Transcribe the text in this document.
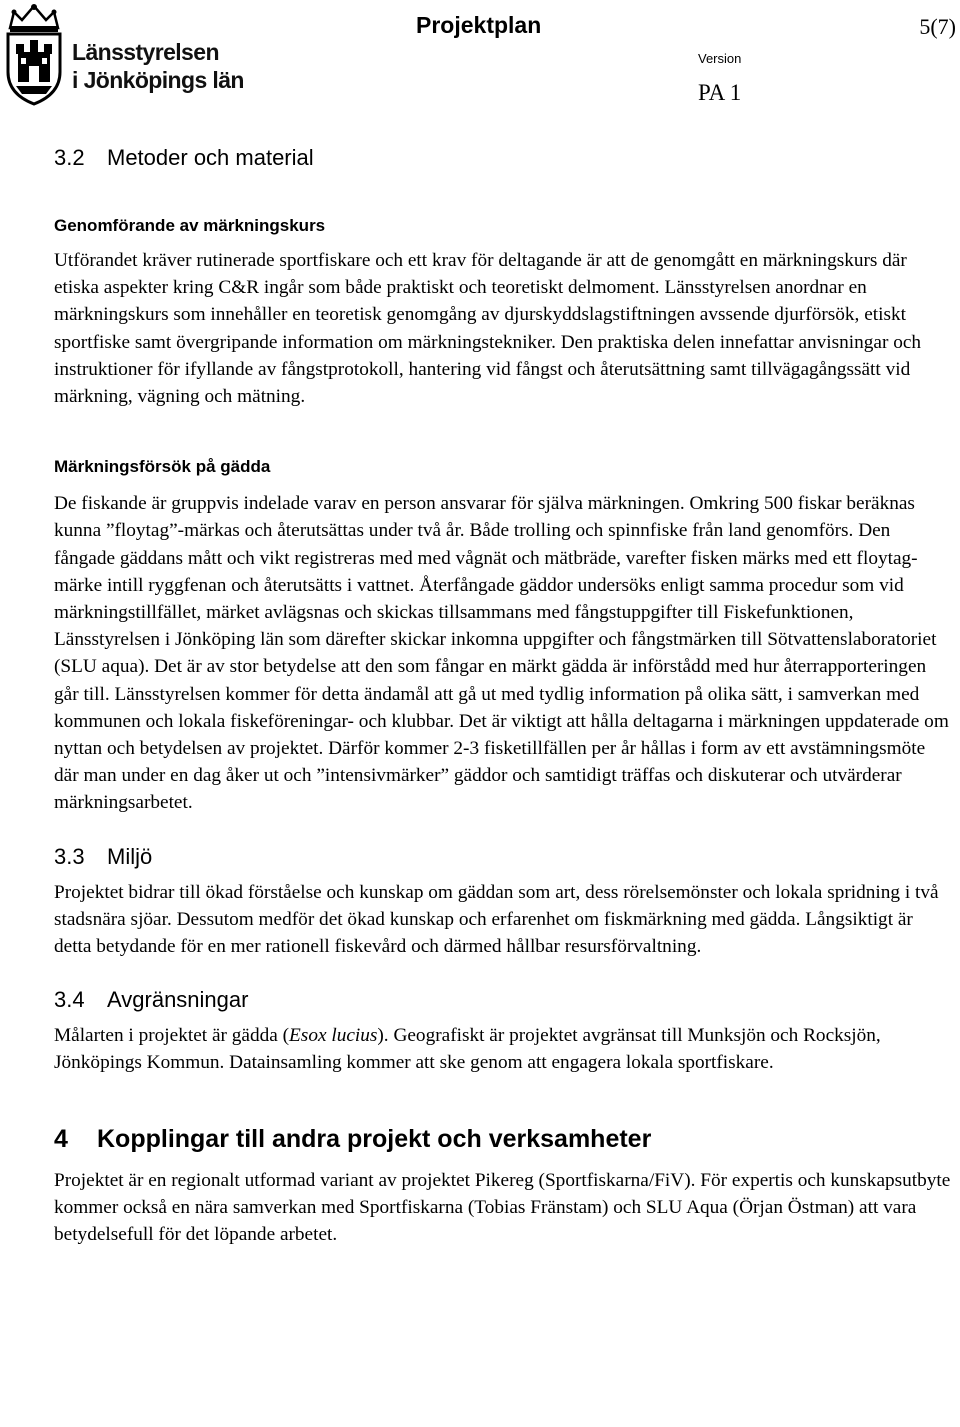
Länsstyrelsen
i Jönköpings län
Projektplan	5(7)
Version
PA 1
3.2 Metoder och material
Genomförande av märkningskurs

Utförandet kräver rutinerade sportfiskare och ett krav för deltagande är att de genomgått en märkningskurs där etiska aspekter kring C&R ingår som både praktiskt och teoretiskt delmoment. Länsstyrelsen anordnar en märkningskurs som innehåller en teoretisk genomgång av djurskyddslagstiftningen avssende djurförsök, etiskt sportfiske samt övergripande information om märkningstekniker. Den praktiska delen innefattar anvisningar och instruktioner för ifyllande av fångstprotokoll, hantering vid fångst och återutsättning samt tillvägagångssätt vid märkning, vägning och mätning.

Märkningsförsök på gädda

De fiskande är gruppvis indelade varav en person ansvarar för själva märkningen. Omkring 500 fiskar beräknas kunna ”floytag”-märkas och återutsättas under två år. Både trolling och spinnfiske från land genomförs. Den fångade gäddans mått och vikt registreras med med vågnät och mätbräde, varefter fisken märks med ett floytag-märke intill ryggfenan och återutsätts i vattnet. Återfångade gäddor undersöks enligt samma procedur som vid märkningstillfället, märket avlägsnas och skickas tillsammans med fångstuppgifter till Fiskefunktionen, Länsstyrelsen i Jönköping län som därefter skickar inkomna uppgifter och fångstmärken till Sötvattenslaboratoriet (SLU aqua). Det är av stor betydelse att den som fångar en märkt gädda är införstådd med hur återrapporteringen går till. Länsstyrelsen kommer för detta ändamål att gå ut med tydlig information på olika sätt, i samverkan med kommunen och lokala fiskeföreningar- och klubbar. Det är viktigt att hålla deltagarna i märkningen uppdaterade om nyttan och betydelsen av projektet. Därför kommer 2-3 fisketillfällen per år hållas i form av ett avstämningsmöte där man under en dag åker ut och ”intensivmärker” gäddor och samtidigt träffas och diskuterar och utvärderar märkningsarbetet.

3.3 Miljö

Projektet bidrar till ökad förståelse och kunskap om gäddan som art, dess rörelsemönster och lokala spridning i två stadsnära sjöar. Dessutom medför det ökad kunskap och erfarenhet om fiskmärkning med gädda. Långsiktigt är detta betydande för en mer rationell fiskevård och därmed hållbar resursförvaltning.

3.4 Avgränsningar

Målarten i projektet är gädda (Esox lucius). Geografiskt är projektet avgränsat till Munksjön och Rocksjön, Jönköpings Kommun. Datainsamling kommer att ske genom att engagera lokala sportfiskare.

4 Kopplingar till andra projekt och verksamheter

Projektet är en regionalt utformad variant av projektet Pikereg (Sportfiskarna/FiV). För expertis och kunskapsutbyte kommer också en nära samverkan med Sportfiskarna (Tobias Fränstam) och SLU Aqua (Örjan Östman) att vara betydelsefull för det löpande arbetet.
